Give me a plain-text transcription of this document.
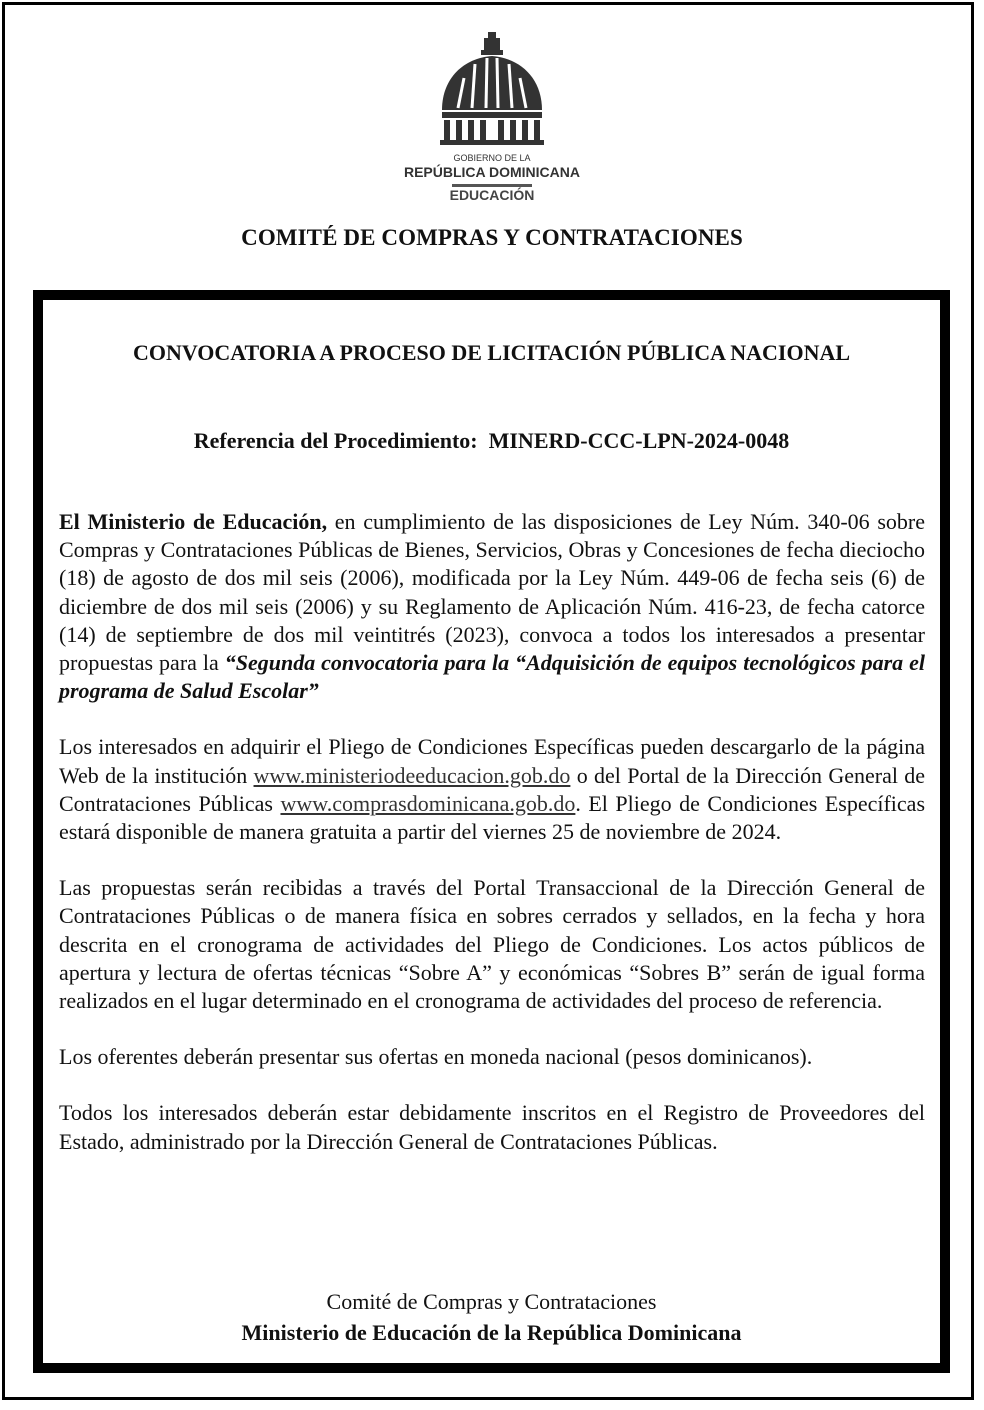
GOBIERNO DE LA
REPÚBLICA DOMINICANA
EDUCACIÓN
COMITÉ DE COMPRAS Y CONTRATACIONES
CONVOCATORIA A PROCESO DE LICITACIÓN PÚBLICA NACIONAL
Referencia del Procedimiento: MINERD-CCC-LPN-2024-0048

El Ministerio de Educación, en cumplimiento de las disposiciones de Ley Núm. 340-06 sobre Compras y Contrataciones Públicas de Bienes, Servicios, Obras y Concesiones de fecha dieciocho (18) de agosto de dos mil seis (2006), modificada por la Ley Núm. 449-06 de fecha seis (6) de diciembre de dos mil seis (2006) y su Reglamento de Aplicación Núm. 416-23, de fecha catorce (14) de septiembre de dos mil veintitrés (2023), convoca a todos los interesados a presentar propuestas para la “Segunda convocatoria para la “Adquisición de equipos tecnológicos para el programa de Salud Escolar”

Los interesados en adquirir el Pliego de Condiciones Específicas pueden descargarlo de la página Web de la institución www.ministeriodeeducacion.gob.do o del Portal de la Dirección General de Contrataciones Públicas www.comprasdominicana.gob.do. El Pliego de Condiciones Específicas estará disponible de manera gratuita a partir del viernes 25 de noviembre de 2024.

Las propuestas serán recibidas a través del Portal Transaccional de la Dirección General de Contrataciones Públicas o de manera física en sobres cerrados y sellados, en la fecha y hora descrita en el cronograma de actividades del Pliego de Condiciones. Los actos públicos de apertura y lectura de ofertas técnicas “Sobre A” y económicas “Sobres B” serán de igual forma realizados en el lugar determinado en el cronograma de actividades del proceso de referencia.

Los oferentes deberán presentar sus ofertas en moneda nacional (pesos dominicanos).

Todos los interesados deberán estar debidamente inscritos en el Registro de Proveedores del Estado, administrado por la Dirección General de Contrataciones Públicas.

Comité de Compras y Contrataciones
Ministerio de Educación de la República Dominicana
